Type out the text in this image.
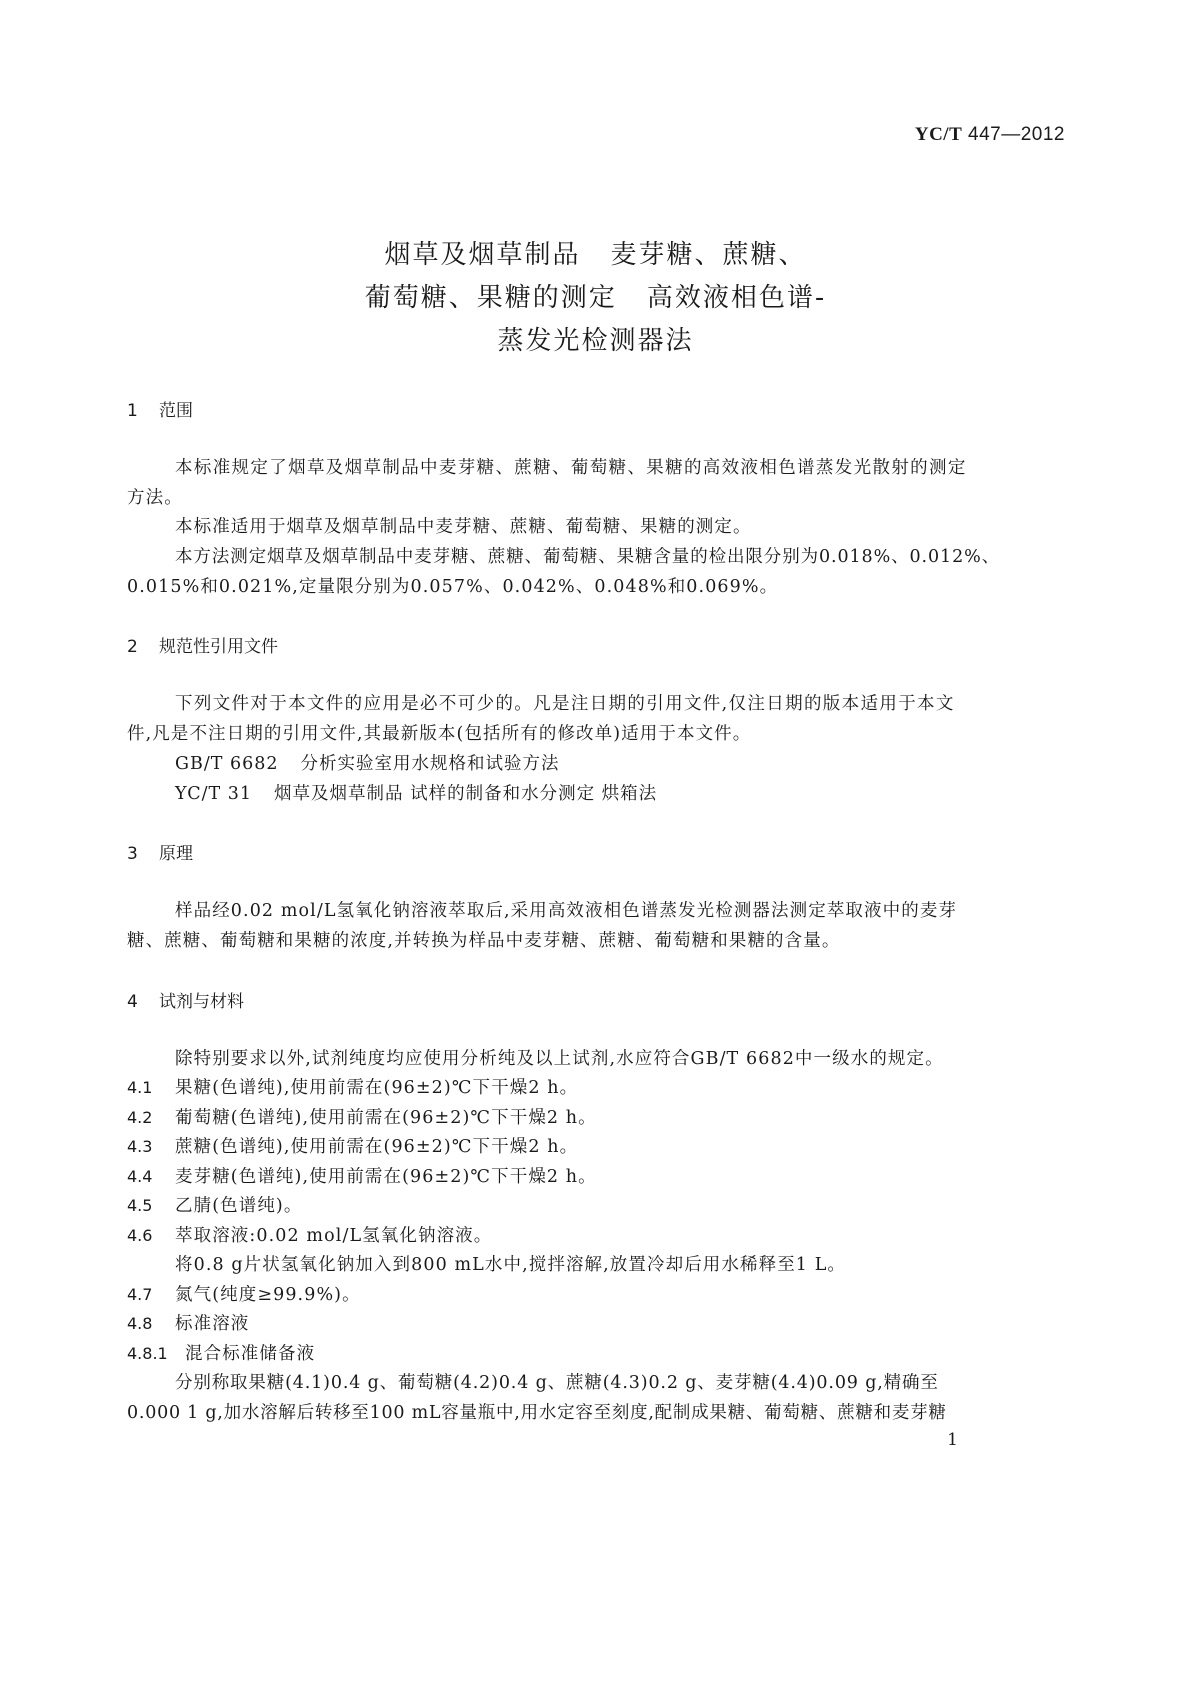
YC/T 447—2012
烟草及烟草制品 麦芽糖、蔗糖、
葡萄糖、果糖的测定 高效液相色谱-
蒸发光检测器法
1 范围
本标准规定了烟草及烟草制品中麦芽糖、蔗糖、葡萄糖、果糖的高效液相色谱蒸发光散射的测定
方法。
本标准适用于烟草及烟草制品中麦芽糖、蔗糖、葡萄糖、果糖的测定。
本方法测定烟草及烟草制品中麦芽糖、蔗糖、葡萄糖、果糖含量的检出限分别为0.018%、0.012%、
0.015%和0.021%,定量限分别为0.057%、0.042%、0.048%和0.069%。
2 规范性引用文件
下列文件对于本文件的应用是必不可少的。凡是注日期的引用文件,仅注日期的版本适用于本文
件,凡是不注日期的引用文件,其最新版本(包括所有的修改单)适用于本文件。
GB/T 6682 分析实验室用水规格和试验方法
YC/T 31 烟草及烟草制品 试样的制备和水分测定 烘箱法
3 原理
样品经0.02 mol/L氢氧化钠溶液萃取后,采用高效液相色谱蒸发光检测器法测定萃取液中的麦芽
糖、蔗糖、葡萄糖和果糖的浓度,并转换为样品中麦芽糖、蔗糖、葡萄糖和果糖的含量。
4 试剂与材料
除特别要求以外,试剂纯度均应使用分析纯及以上试剂,水应符合GB/T 6682中一级水的规定。
4.1 果糖(色谱纯),使用前需在(96±2)℃下干燥2 h。
4.2 葡萄糖(色谱纯),使用前需在(96±2)℃下干燥2 h。
4.3 蔗糖(色谱纯),使用前需在(96±2)℃下干燥2 h。
4.4 麦芽糖(色谱纯),使用前需在(96±2)℃下干燥2 h。
4.5 乙腈(色谱纯)。
4.6 萃取溶液:0.02 mol/L氢氧化钠溶液。
将0.8 g片状氢氧化钠加入到800 mL水中,搅拌溶解,放置冷却后用水稀释至1 L。
4.7 氮气(纯度≥99.9%)。
4.8 标准溶液
4.8.1 混合标准储备液
分别称取果糖(4.1)0.4 g、葡萄糖(4.2)0.4 g、蔗糖(4.3)0.2 g、麦芽糖(4.4)0.09 g,精确至
0.000 1 g,加水溶解后转移至100 mL容量瓶中,用水定容至刻度,配制成果糖、葡萄糖、蔗糖和麦芽糖
1
